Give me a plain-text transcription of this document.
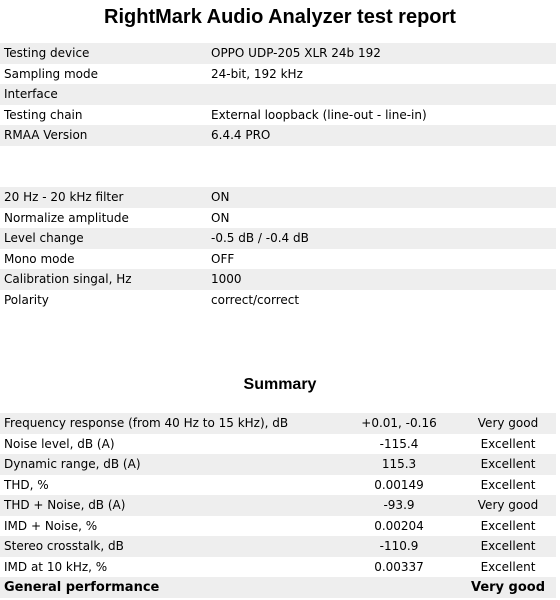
RightMark Audio Analyzer test report
Testing device	OPPO UDP-205 XLR 24b 192
Sampling mode	24-bit, 192 kHz
Interface	
Testing chain	External loopback (line-out - line-in)
RMAA Version	6.4.4 PRO
20 Hz - 20 kHz filter	ON
Normalize amplitude	ON
Level change	-0.5 dB / -0.4 dB
Mono mode	OFF
Calibration singal, Hz	1000
Polarity	correct/correct
Summary
Frequency response (from 40 Hz to 15 kHz), dB	+0.01, -0.16	Very good
Noise level, dB (A)	-115.4	Excellent
Dynamic range, dB (A)	115.3	Excellent
THD, %	0.00149	Excellent
THD + Noise, dB (A)	-93.9	Very good
IMD + Noise, %	0.00204	Excellent
Stereo crosstalk, dB	-110.9	Excellent
IMD at 10 kHz, %	0.00337	Excellent
General performance		Very good
